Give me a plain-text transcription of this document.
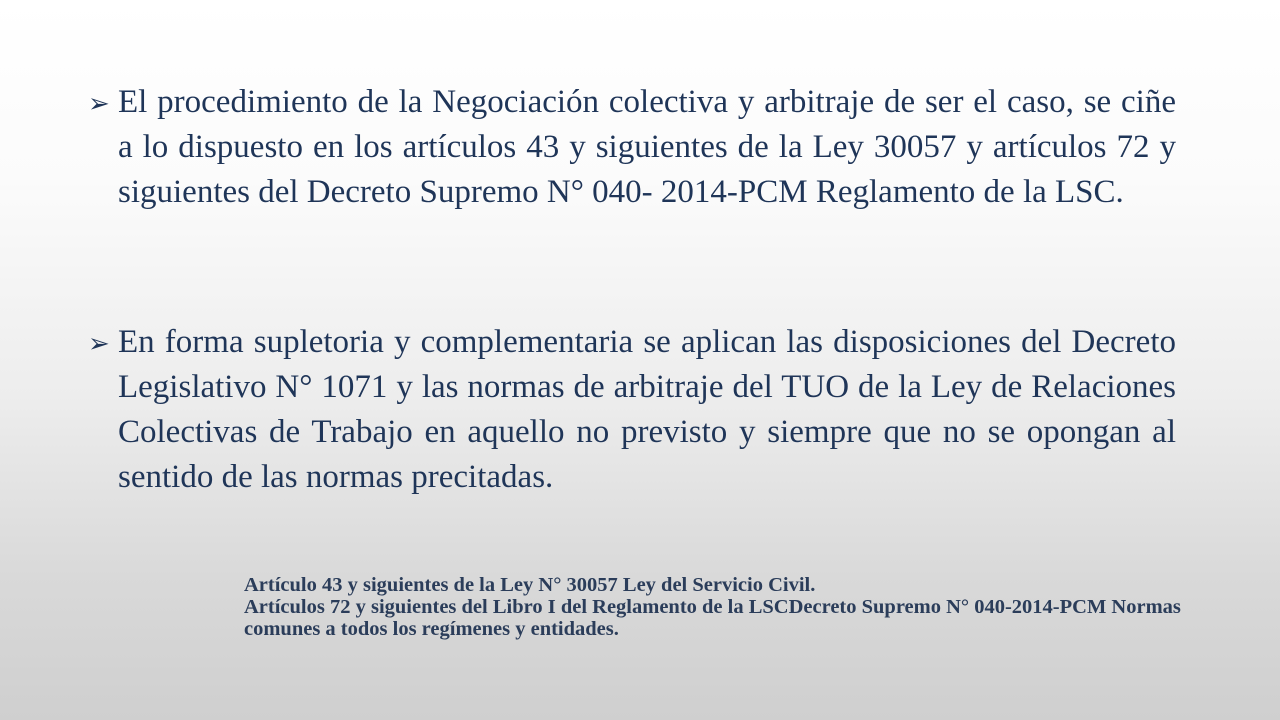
➢ El procedimiento de la Negociación colectiva y arbitraje de ser el caso, se ciñe a lo dispuesto en los artículos 43 y siguientes de la Ley 30057 y artículos 72 y siguientes del Decreto Supremo N° 040- 2014-PCM Reglamento de la LSC.

➢ En forma supletoria y complementaria se aplican las disposiciones del Decreto Legislativo N° 1071 y las normas de arbitraje del TUO de la Ley de Relaciones Colectivas de Trabajo en aquello no previsto y siempre que no se opongan al sentido de las normas precitadas.

Artículo 43 y siguientes de la Ley N° 30057 Ley del Servicio Civil.
Artículos 72 y siguientes del Libro I del Reglamento de la LSCDecreto Supremo N° 040-2014-PCM Normas comunes a todos los regímenes y entidades.
